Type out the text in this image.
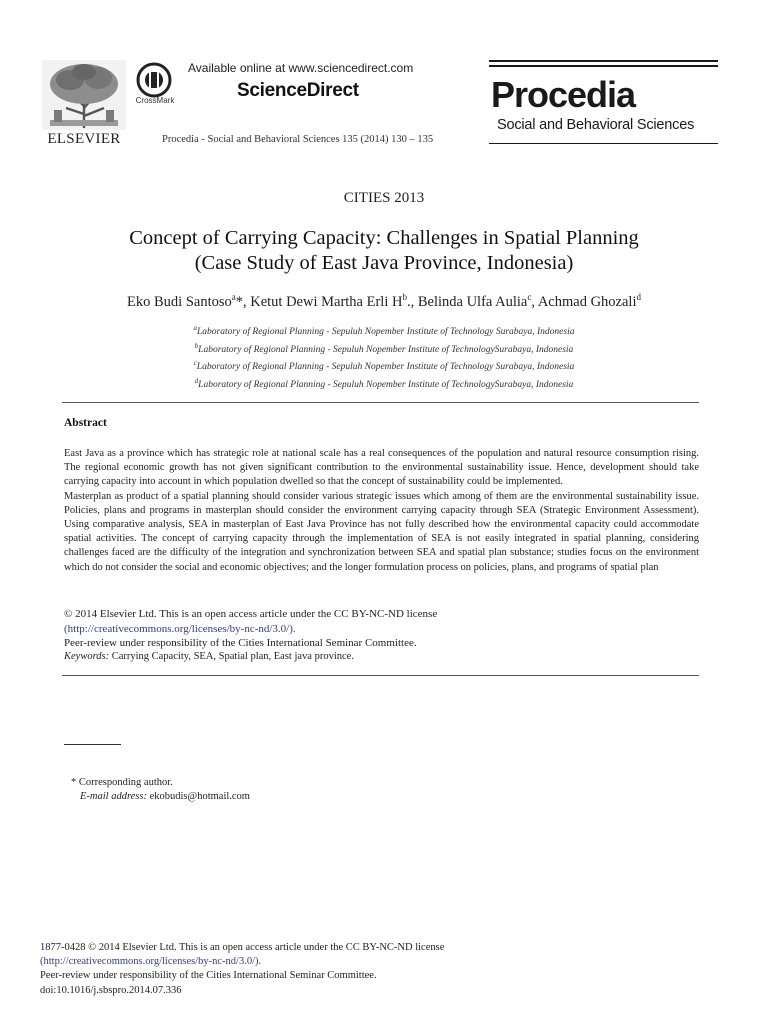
ELSEVIER
CrossMark
Available online at www.sciencedirect.com
ScienceDirect
Procedia - Social and Behavioral Sciences 135 (2014) 130 – 135
Procedia
Social and Behavioral Sciences
CITIES 2013
Concept of Carrying Capacity: Challenges in Spatial Planning
(Case Study of East Java Province, Indonesia)
Eko Budi Santoso$^a$*, Ketut Dewi Martha Erli $H^b$., Belinda Ulfa Aulia$^c$, Achmad Ghozali$^d$
$^a$Laboratory of Regional Planning - Sepuluh Nopember Institute of Technology Surabaya, Indonesia
$^b$Laboratory of Regional Planning - Sepuluh Nopember Institute of TechnologySurabaya, Indonesia
$^c$Laboratory of Regional Planning - Sepuluh Nopember Institute of Technology Surabaya, Indonesia
$^d$Laboratory of Regional Planning - Sepuluh Nopember Institute of TechnologySurabaya, Indonesia
Abstract

East Java as a province which has strategic role at national scale has a real consequences of the population and natural resource consumption rising. The regional economic growth has not given significant contribution to the environmental sustainability issue. Hence, development should take carrying capacity into account in which population dwelled so that the concept of sustainability could be implemented.

Masterplan as product of a spatial planning should consider various strategic issues which among of them are the environmental sustainability issue. Policies, plans and programs in masterplan should consider the environment carrying capacity through SEA (Strategic Environment Assessment). Using comparative analysis, SEA in masterplan of East Java Province has not fully described how the environmental capacity could accommodate spatial activities. The concept of carrying capacity through the implementation of SEA is not easily integrated in spatial planning, considering challenges faced are the difficulty of the integration and synchronization between SEA and spatial plan substance; studies focus on the environment which do not consider the social and economic objectives; and the longer formulation process on policies, plans, and programs of spatial plan

© 2014 Elsevier Ltd. This is an open access article under the CC BY-NC-ND license
(http://creativecommons.org/licenses/by-nc-nd/3.0/).
Peer-review under responsibility of the Cities International Seminar Committee.
Keywords: Carrying Capacity, SEA, Spatial plan, East java province.
* Corresponding author.
E-mail address: ekobudis@hotmail.com
1877-0428 © 2014 Elsevier Ltd. This is an open access article under the CC BY-NC-ND license
(http://creativecommons.org/licenses/by-nc-nd/3.0/).
Peer-review under responsibility of the Cities International Seminar Committee.
doi:10.1016/j.sbspro.2014.07.336
